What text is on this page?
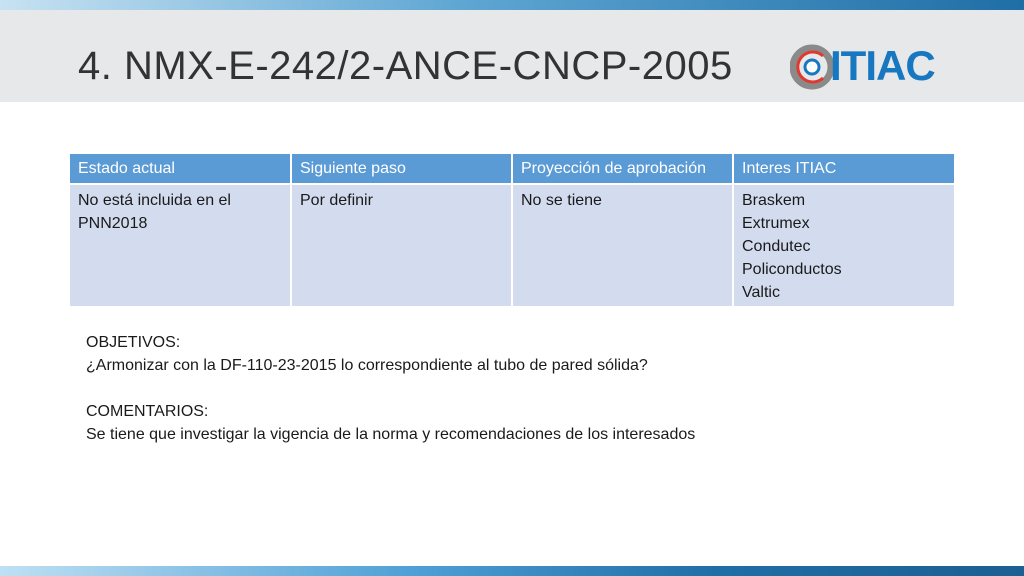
4. NMX-E-242/2-ANCE-CNCP-2005 ITIAC
Estado actual	Siguiente paso	Proyección de aprobación	Interes ITIAC
No está incluida en el PNN2018	Por definir	No se tiene	Braskem
Extrumex
Condutec
Policonductos
Valtic
OBJETIVOS:
¿Armonizar con la DF-110-23-2015 lo correspondiente al tubo de pared sólida?
COMENTARIOS:
Se tiene que investigar la vigencia de la norma y recomendaciones de los interesados
